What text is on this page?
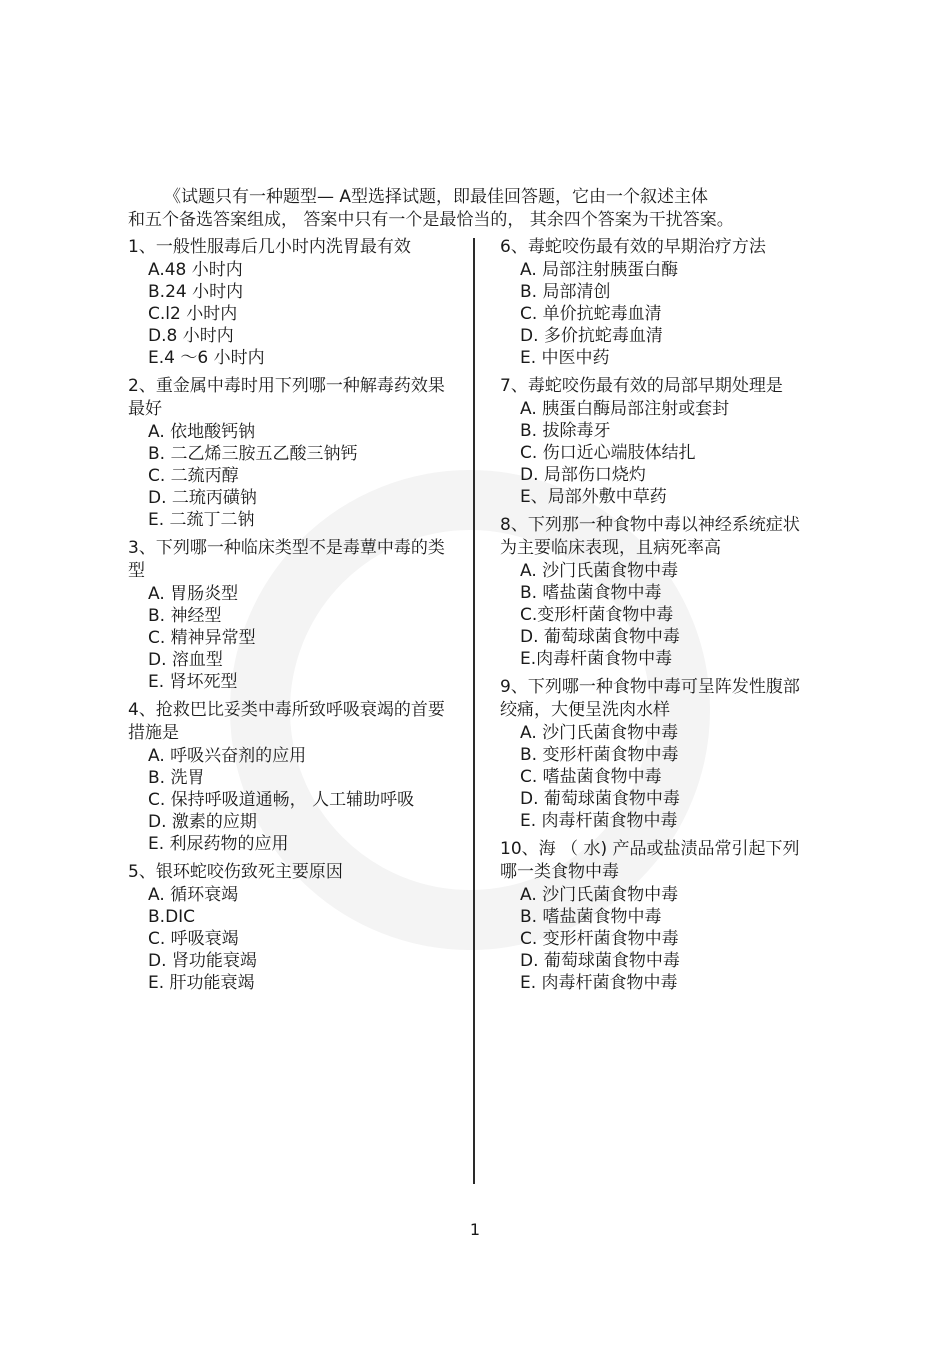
《试题只有一种题型— A型选择试题，即最佳回答题，它由一个叙述主体
和五个备选答案组成， 答案中只有一个是最恰当的， 其余四个答案为干扰答案。
1、一般性服毒后几小时内洗胃最有效
A.48 小时内
B.24 小时内
C.l2 小时内
D.8 小时内
E.4 ～6 小时内
2、重金属中毒时用下列哪一种解毒药效果最好
A. 依地酸钙钠
B. 二乙烯三胺五乙酸三钠钙
C. 二巯丙醇
D. 二琉丙磺钠
E. 二巯丁二钠
3、下列哪一种临床类型不是毒蕈中毒的类型
A. 胃肠炎型
B. 神经型
C. 精神异常型
D. 溶血型
E. 肾坏死型
4、抢救巴比妥类中毒所致呼吸衰竭的首要措施是
A. 呼吸兴奋剂的应用
B. 洗胃
C. 保持呼吸道通畅， 人工辅助呼吸
D. 激素的应期
E. 利尿药物的应用
5、银环蛇咬伤致死主要原因
A. 循环衰竭
B.DIC
C. 呼吸衰竭
D. 肾功能衰竭
E. 肝功能衰竭
6、毒蛇咬伤最有效的早期治疗方法
A. 局部注射胰蛋白酶
B. 局部清创
C. 单价抗蛇毒血清
D. 多价抗蛇毒血清
E. 中医中药
7、毒蛇咬伤最有效的局部早期处理是
A. 胰蛋白酶局部注射或套封
B. 拔除毒牙
C. 伤口近心端肢体结扎
D. 局部伤口烧灼
E、局部外敷中草药
8、下列那一种食物中毒以神经系统症状为主要临床表现，且病死率高
A. 沙门氏菌食物中毒
B. 嗜盐菌食物中毒
C.变形杆菌食物中毒
D. 葡萄球菌食物中毒
E.肉毒杆菌食物中毒
9、下列哪一种食物中毒可呈阵发性腹部绞痛，大便呈洗肉水样
A. 沙门氏菌食物中毒
B. 变形杆菌食物中毒
C. 嗜盐菌食物中毒
D. 葡萄球菌食物中毒
E. 肉毒杆菌食物中毒
10、海 （ 水) 产品或盐渍品常引起下列哪一类食物中毒
A. 沙门氏菌食物中毒
B. 嗜盐菌食物中毒
C. 变形杆菌食物中毒
D. 葡萄球菌食物中毒
E. 肉毒杆菌食物中毒
1
